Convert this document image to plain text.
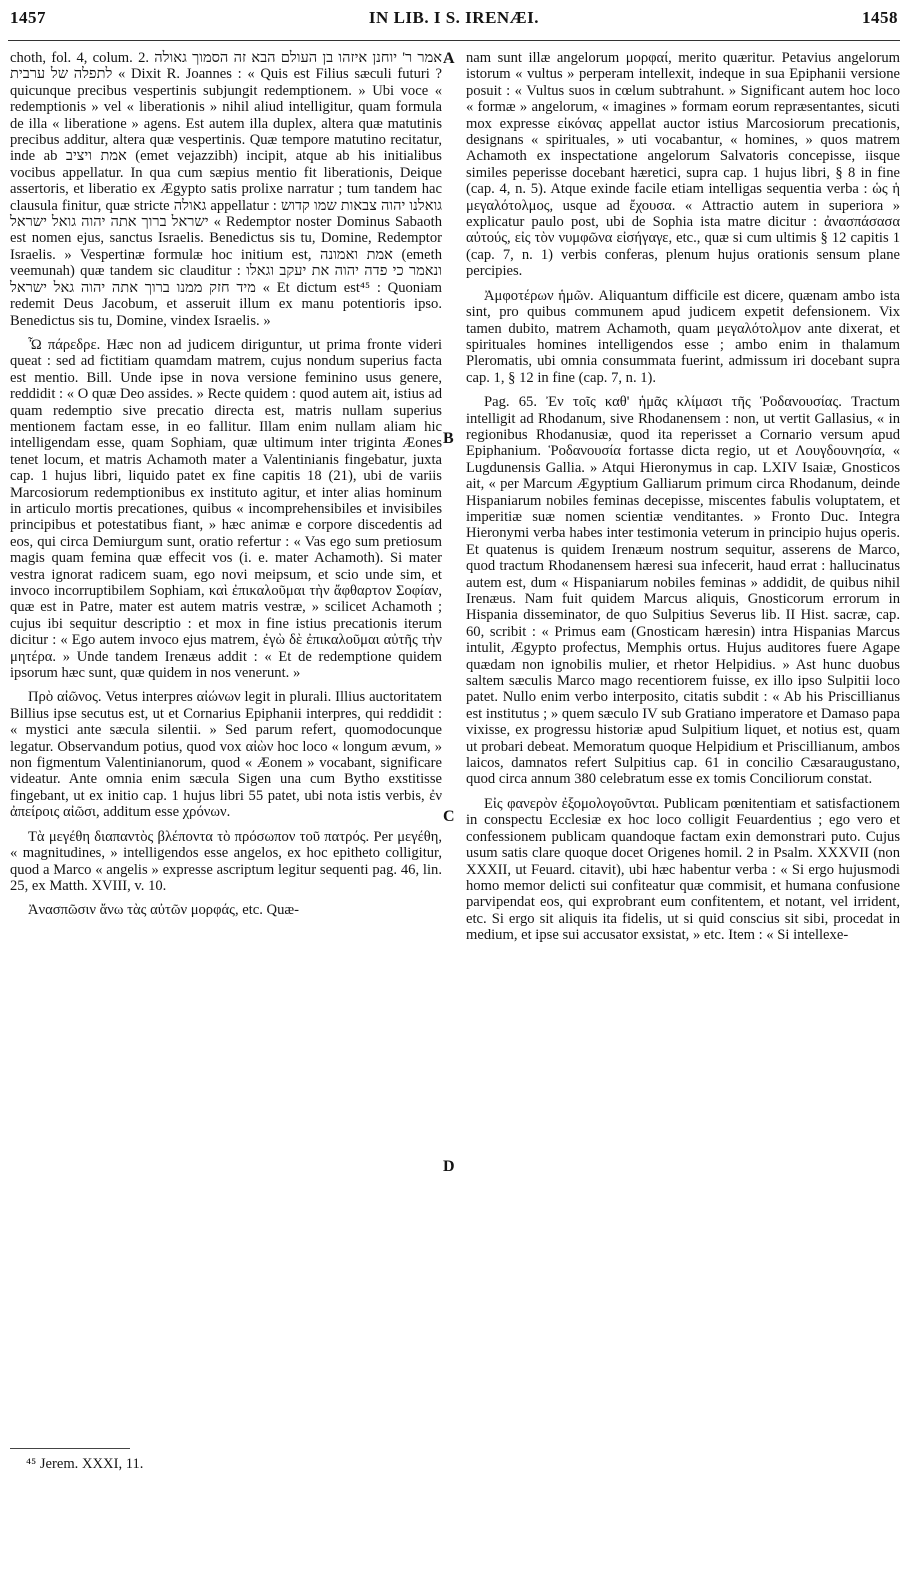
1457	IN LIB. I S. IRENÆI.	1458

choth, fol. 4, colum. 2. אמר ר' יוחנן איזהו בן העולם הבא זה הסמוך גאולה לתפלה של ערבית « Dixit R. Joannes : « Quis est Filius sæculi futuri ? quicunque precibus vespertinis subjungit redemptionem. » Ubi voce « redemptionis » vel « liberationis » nihil aliud intelligitur, quam formula de illa « liberatione » agens. Est autem illa duplex, altera quæ matutinis precibus additur, altera quæ vespertinis. Quæ tempore matutino recitatur, inde ab אמת ויציב (emet vejazzibh) incipit, atque ab his initialibus vocibus appellatur. In qua cum sæpius mentio fit liberationis, Deique assertoris, et liberatio ex Ægypto satis prolixe narratur ; tum tandem hac clausula finitur, quæ stricte גאולה appellatur : גואלנו יהוה צבאות שמו קדוש ישראל ברוך אתה יהוה גואל ישראל « Redemptor noster Dominus Sabaoth est nomen ejus, sanctus Israelis. Benedictus sis tu, Domine, Redemptor Israelis. » Vespertinæ formulæ hoc initium est, אמת ואמונה (emeth veemunah) quæ tandem sic clauditur : ונאמר כי פדה יהוה את יעקב וגאלו מיד חזק ממנו ברוך אתה יהוה גאל ישראל « Et dictum est⁴⁵ : Quoniam redemit Deus Jacobum, et asseruit illum ex manu potentioris ipso. Benedictus sis tu, Domine, vindex Israelis. »

Ὦ πάρεδρε. Hæc non ad judicem diriguntur, ut prima fronte videri queat : sed ad fictitiam quamdam matrem, cujus nondum superius facta est mentio. Bill. Unde ipse in nova versione feminino usus genere, reddidit : « O quæ Deo assides. » Recte quidem : quod autem ait, istius ad quam redemptio sive precatio directa est, matris nullam superius mentionem factam esse, in eo fallitur. Illam enim nullam aliam hic intelligendam esse, quam Sophiam, quæ ultimum inter triginta Æones tenet locum, et matris Achamoth mater a Valentinianis fingebatur, juxta cap. 1 hujus libri, liquido patet ex fine capitis 18 (21), ubi de variis Marcosiorum redemptionibus ex instituto agitur, et inter alias hominum in articulo mortis precationes, quibus « incomprehensibiles et invisibiles principibus et potestatibus fiant, » hæc animæ e corpore discedentis ad eos, qui circa Demiurgum sunt, oratio refertur : « Vas ego sum pretiosum magis quam femina quæ effecit vos (i. e. mater Achamoth). Si mater vestra ignorat radicem suam, ego novi meipsum, et scio unde sim, et invoco incorruptibilem Sophiam, καὶ ἐπικαλοῦμαι τὴν ἄφθαρτον Σοφίαν, quæ est in Patre, mater est autem matris vestræ, » scilicet Achamoth ; cujus ibi sequitur descriptio : et mox in fine istius precationis iterum dicitur : « Ego autem invoco ejus matrem, ἐγὼ δὲ ἐπικαλοῦμαι αὐτῆς τὴν μητέρα. » Unde tandem Irenæus addit : « Et de redemptione quidem ipsorum hæc sunt, quæ quidem in nos venerunt. »

Πρὸ αἰῶνος. Vetus interpres αἰώνων legit in plurali. Illius auctoritatem Billius ipse secutus est, ut et Cornarius Epiphanii interpres, qui reddidit : « mystici ante sæcula silentii. » Sed parum refert, quomodocunque legatur. Observandum potius, quod vox αἰὼν hoc loco « longum ævum, » non figmentum Valentinianorum, quod « Æonem » vocabant, significare videatur. Ante omnia enim sæcula Sigen una cum Bytho exstitisse fingebant, ut ex initio cap. 1 hujus libri 55 patet, ubi nota istis verbis, ἐν ἀπείροις αἰῶσι, additum esse χρόνων.

Τὰ μεγέθη διαπαντὸς βλέποντα τὸ πρόσωπον τοῦ πατρός. Per μεγέθη, « magnitudines, » intelligendos esse angelos, ex hoc epitheto colligitur, quod a Marco « angelis » expresse ascriptum legitur sequenti pag. 46, lin. 25, ex Matth. XVIII, v. 10.

Ἀνασπῶσιν ἄνω τὰς αὐτῶν μορφάς, etc. Quæ-

A
B
C
D

nam sunt illæ angelorum μορφαί, merito quæritur. Petavius angelorum istorum « vultus » perperam intellexit, indeque in sua Epiphanii versione posuit : « Vultus suos in cœlum subtrahunt. » Significant autem hoc loco « formæ » angelorum, « imagines » formam eorum repræsentantes, sicuti mox expresse εἰκόνας appellat auctor istius Marcosiorum precationis, designans « spirituales, » uti vocabantur, « homines, » quos matrem Achamoth ex inspectatione angelorum Salvatoris concepisse, iisque similes peperisse docebant hæretici, supra cap. 1 hujus libri, § 8 in fine (cap. 4, n. 5). Atque exinde facile etiam intelligas sequentia verba : ὡς ἡ μεγαλότολμος, usque ad ἔχουσα. « Attractio autem in superiora » explicatur paulo post, ubi de Sophia ista matre dicitur : ἀνασπάσασα αὐτούς, εἰς τὸν νυμφῶνα εἰσήγαγε, etc., quæ si cum ultimis § 12 capitis 1 (cap. 7, n. 1) verbis conferas, plenum hujus orationis sensum plane percipies.

Ἀμφοτέρων ἡμῶν. Aliquantum difficile est dicere, quænam ambo ista sint, pro quibus communem apud judicem expetit defensionem. Vix tamen dubito, matrem Achamoth, quam μεγαλότολμον ante dixerat, et spirituales homines intelligendos esse ; ambo enim in thalamum Pleromatis, ubi omnia consummata fuerint, admissum iri docebant supra cap. 1, § 12 in fine (cap. 7, n. 1).

Pag. 65. Ἐν τοῖς καθ' ἡμᾶς κλίμασι τῆς Ῥοδανουσίας. Tractum intelligit ad Rhodanum, sive Rhodanensem : non, ut vertit Gallasius, « in regionibus Rhodanusiæ, quod ita reperisset a Cornario versum apud Epiphanium. Ῥοδανουσία fortasse dicta regio, ut et Λουγδουνησία, « Lugdunensis Gallia. » Atqui Hieronymus in cap. LXIV Isaiæ, Gnosticos ait, « per Marcum Ægyptium Galliarum primum circa Rhodanum, deinde Hispaniarum nobiles feminas decepisse, miscentes fabulis voluptatem, et imperitiæ suæ nomen scientiæ venditantes. » Fronto Duc. Integra Hieronymi verba habes inter testimonia veterum in principio hujus operis. Et quatenus is quidem Irenæum nostrum sequitur, asserens de Marco, quod tractum Rhodanensem hæresi sua infecerit, haud errat : hallucinatus autem est, dum « Hispaniarum nobiles feminas » addidit, de quibus nihil Irenæus. Nam fuit quidem Marcus aliquis, Gnosticorum errorum in Hispania disseminator, de quo Sulpitius Severus lib. II Hist. sacræ, cap. 60, scribit : « Primus eam (Gnosticam hæresin) intra Hispanias Marcus intulit, Ægypto profectus, Memphis ortus. Hujus auditores fuere Agape quædam non ignobilis mulier, et rhetor Helpidius. » Ast hunc duobus saltem sæculis Marco mago recentiorem fuisse, ex illo ipso Sulpitii loco patet. Nullo enim verbo interposito, citatis subdit : « Ab his Priscillianus est institutus ; » quem sæculo IV sub Gratiano imperatore et Damaso papa vixisse, ex progressu historiæ apud Sulpitium liquet, et notius est, quam ut probari debeat. Memoratum quoque Helpidium et Priscillianum, ambos laicos, damnatos refert Sulpitius cap. 61 in concilio Cæsaraugustano, quod circa annum 380 celebratum esse ex tomis Conciliorum constat.

Εἰς φανερὸν ἐξομολογοῦνται. Publicam pœnitentiam et satisfactionem in conspectu Ecclesiæ ex hoc loco colligit Feuardentius ; ego vero et confessionem publicam quandoque factam exin demonstrari puto. Cujus usum satis clare quoque docet Origenes homil. 2 in Psalm. XXXVII (non XXXII, ut Feuard. citavit), ubi hæc habentur verba : « Si ergo hujusmodi homo memor delicti sui confiteatur quæ commisit, et humana confusione parvipendat eos, qui exprobrant eum confitentem, et notant, vel irrident, etc. Si ergo sit aliquis ita fidelis, ut si quid conscius sit sibi, procedat in medium, et ipse sui accusator exsistat, » etc. Item : « Si intellexe-

⁴⁵ Jerem. XXXI, 11.
